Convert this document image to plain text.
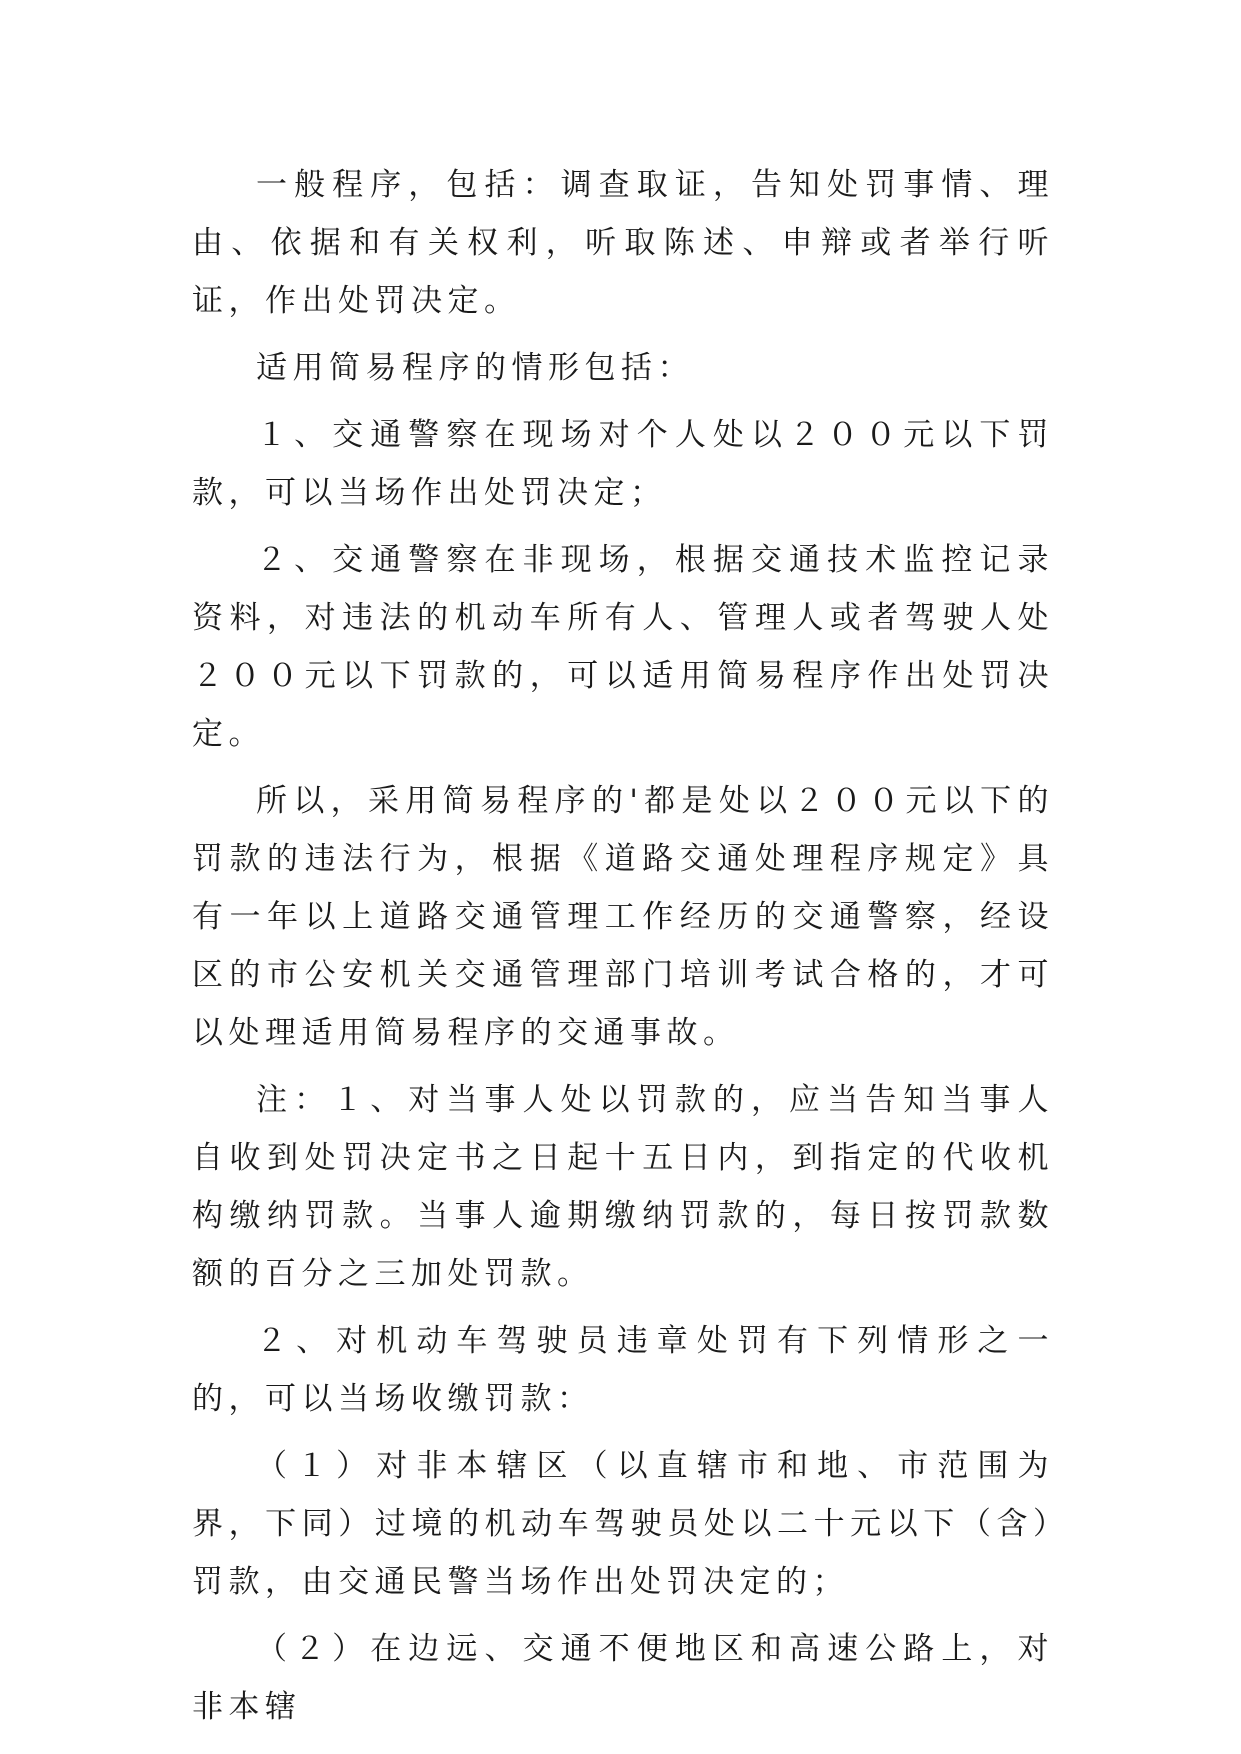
一般程序，包括：调查取证，告知处罚事情、理由、依据和有关权利，听取陈述、申辩或者举行听证，作出处罚决定。

适用简易程序的情形包括：

１、交通警察在现场对个人处以２００元以下罚款，可以当场作出处罚决定；

２、交通警察在非现场，根据交通技术监控记录资料，对违法的机动车所有人、管理人或者驾驶人处２００元以下罚款的，可以适用简易程序作出处罚决定。

所以，采用简易程序的'都是处以２００元以下的罚款的违法行为，根据《道路交通处理程序规定》具有一年以上道路交通管理工作经历的交通警察，经设区的市公安机关交通管理部门培训考试合格的，才可以处理适用简易程序的交通事故。

注：１、对当事人处以罚款的，应当告知当事人自收到处罚决定书之日起十五日内，到指定的代收机构缴纳罚款。当事人逾期缴纳罚款的，每日按罚款数额的百分之三加处罚款。

２、对机动车驾驶员违章处罚有下列情形之一的，可以当场收缴罚款：

（１）对非本辖区（以直辖市和地、市范围为界，下同）过境的机动车驾驶员处以二十元以下（含）罚款，由交通民警当场作出处罚决定的；

（２）在边远、交通不便地区和高速公路上，对非本辖
